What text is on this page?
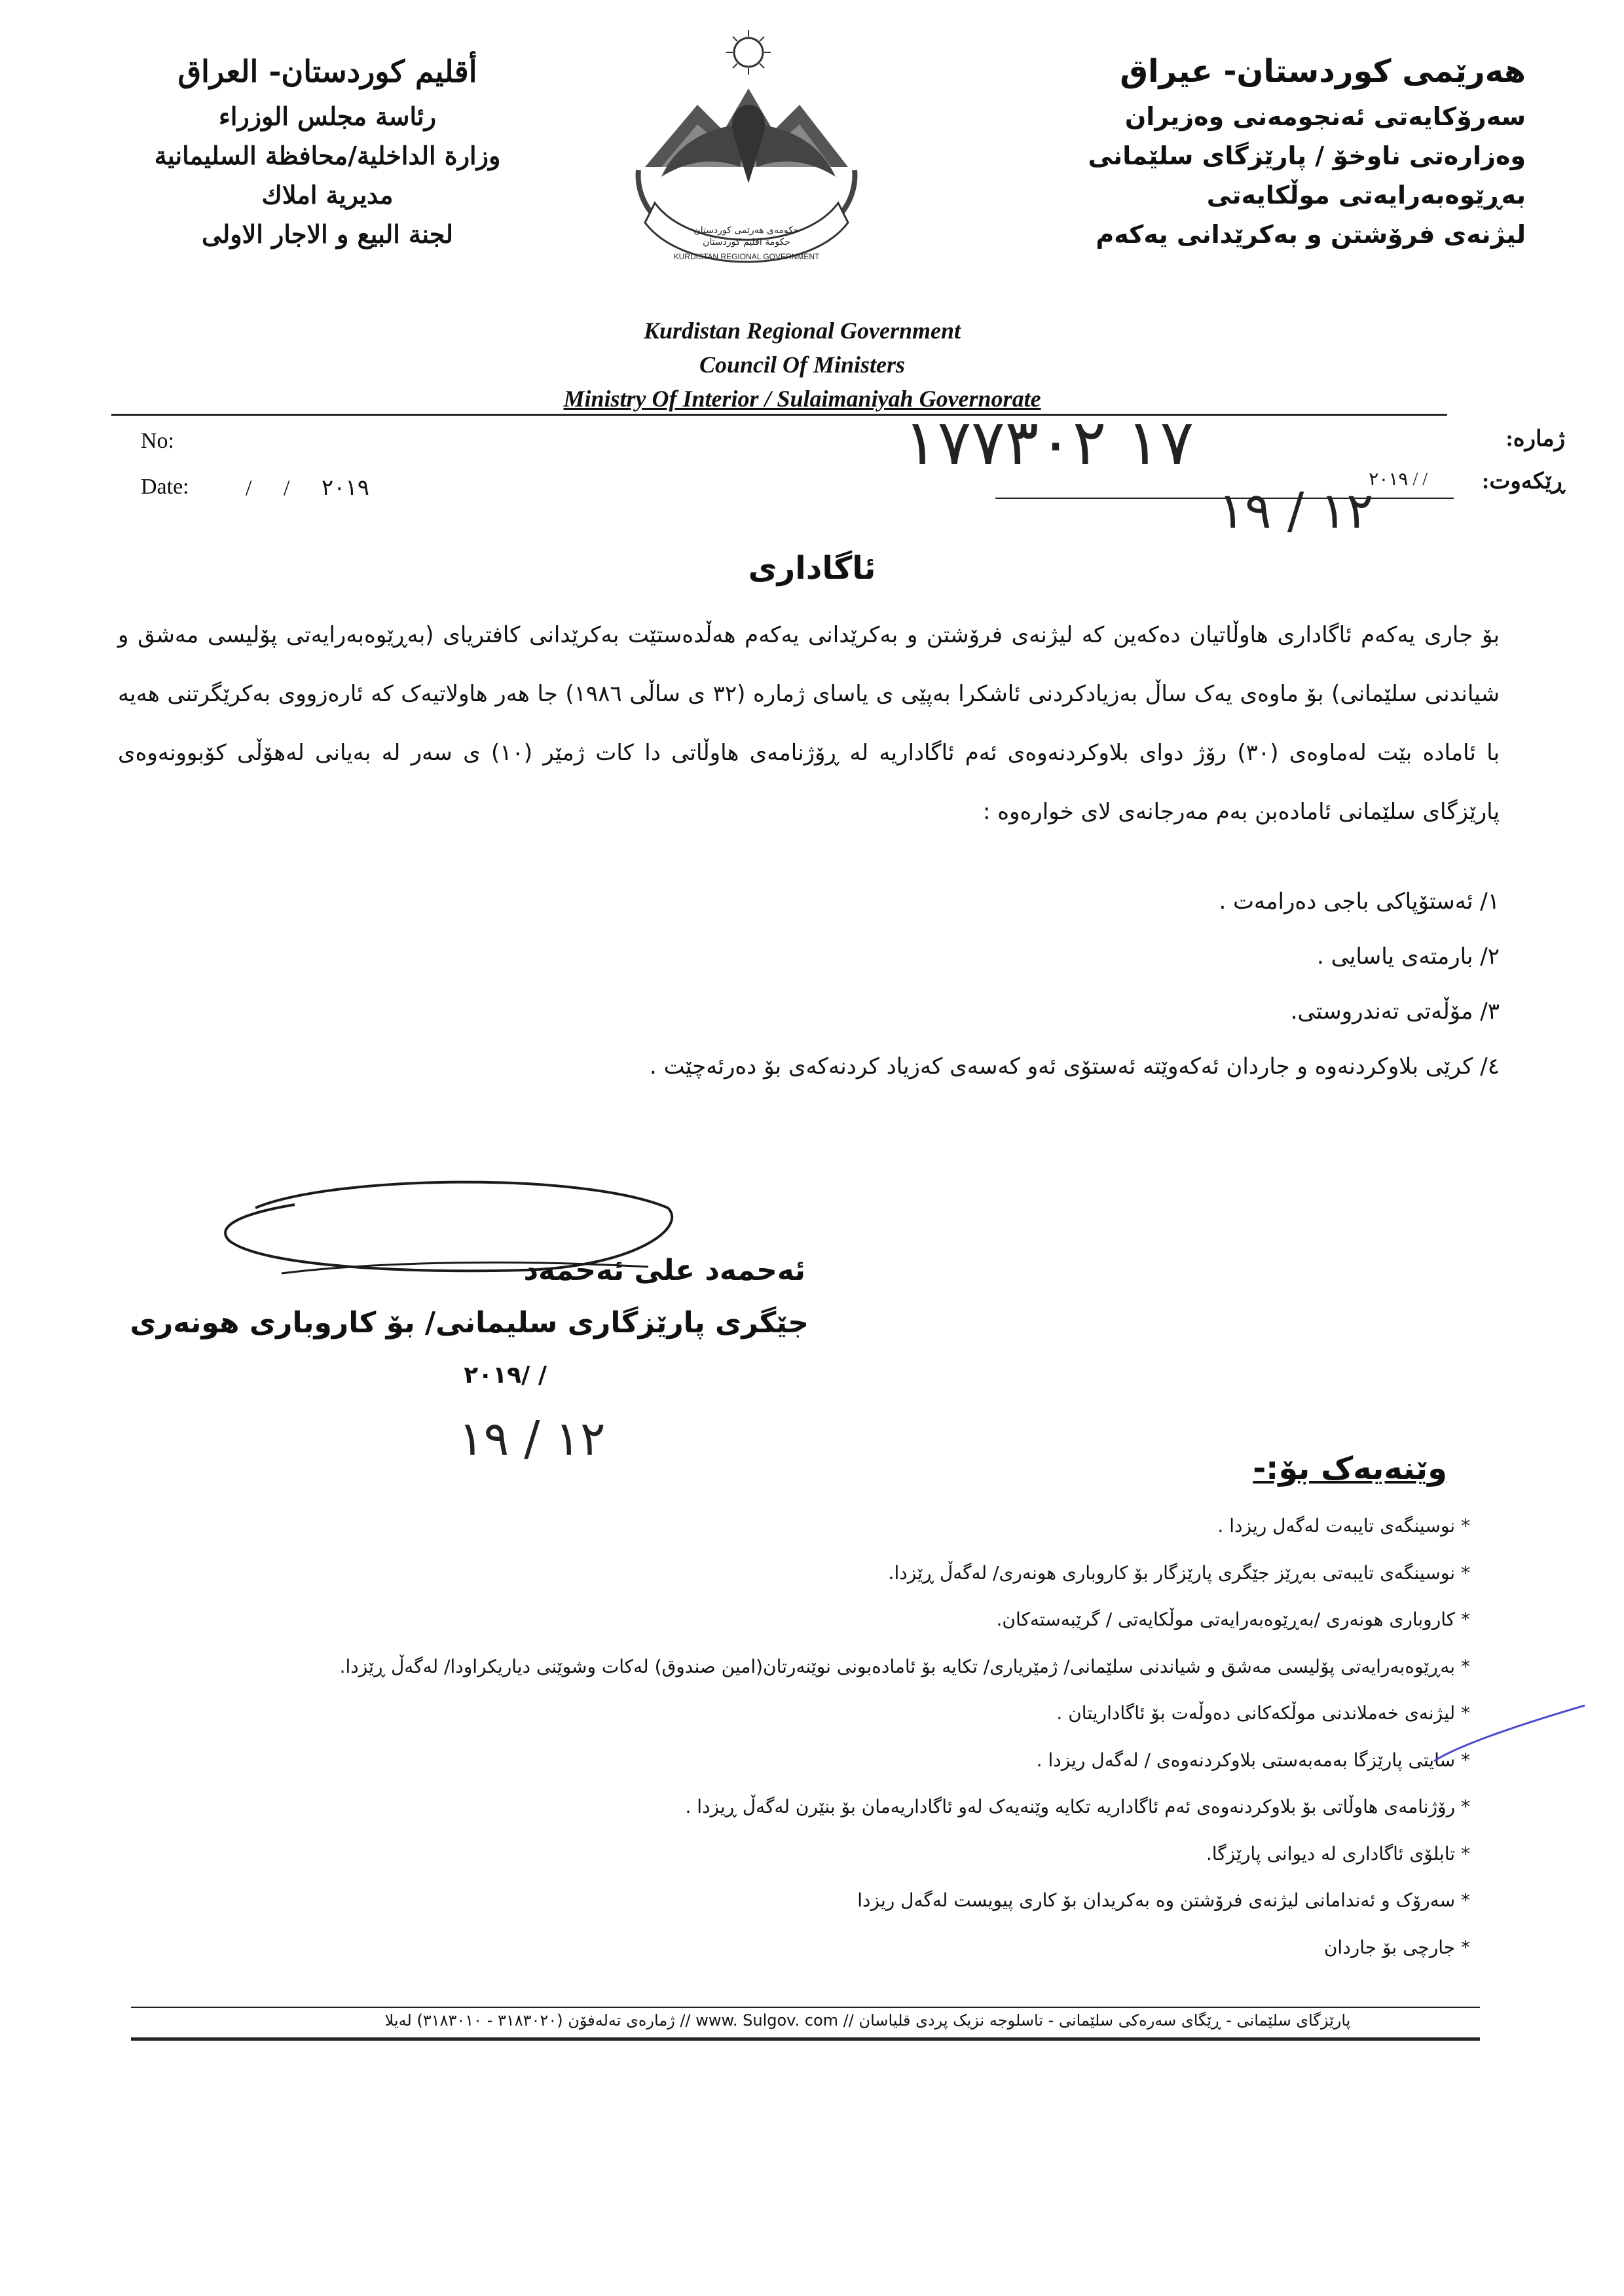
هەرێمی کوردستان- عیراق
سەرۆکایەتی ئەنجومەنی وەزیران
وەزارەتی ناوخۆ / پارێزگای سلێمانی
بەڕێوەبەرایەتی موڵکایەتی
لیژنەی فرۆشتن و بەکرێدانی یەکەم
أقليم كوردستان- العراق
رئاسة مجلس الوزراء
وزارة الداخلية/محافظة السليمانية
مديرية املاك
لجنة البيع و الاجار الاولى	حكومەی هەرێمی کوردستان
حكومة اقليم كوردستان
KURDISTAN REGIONAL GOVERNMENT
Kurdistan Regional Government
Council Of Ministers
Ministry Of Interior / Sulaimaniyah Governorate
No:
Date:	/ / ٢٠١٩
ژمارە:
ڕێکەوت:
٢٠١٩ / /
١٧ ١٧٧٣٠٢
١٢ / ١٩
ئاگاداری
بۆ جاری یەکەم ئاگاداری هاوڵاتیان دەکەین کە لیژنەی فرۆشتن و بەکرێدانی یەکەم هەڵدەستێت بەکرێدانی کافتریای (بەڕێوەبەرایەتی پۆلیسی مەشق و شیاندنی سلێمانی) بۆ ماوەی یەک ساڵ بەزیادکردنی ئاشکرا بەپێی ی یاسای ژمارە (٣٢ ی ساڵی ١٩٨٦) جا هەر هاولاتیەک کە ئارەزووی بەکرێگرتنی هەیە با ئامادە بێت لەماوەی (٣٠) رۆژ دوای بلاوکردنەوەی ئەم ئاگاداریە لە ڕۆژنامەی هاوڵاتی دا کات ژمێر (١٠) ی سەر لە بەیانی لەهۆڵی کۆبوونەوەی پارێزگای سلێمانی ئامادەبن بەم مەرجانەی لای خوارەوە :
١/ ئەستۆپاکی باجی دەرامەت .
٢/ بارمتەی یاسایی .
٣/ مۆڵەتی تەندروستی.
٤/ کرێی بلاوکردنەوە و جاردان ئەکەوێتە ئەستۆی ئەو کەسەی کەزیاد کردنەکەی بۆ دەرئەچێت .
ئەحمەد علی ئەحمەد
جێگری پارێزگاری سلیمانی/ بۆ کاروباری هونەری
٢٠١٩/ /
١٢ / ١٩
وێنەیەک بۆ:-
* نوسینگەی تایبەت لەگەل ریزدا .
* نوسینگەی تایبەتی بەڕێز جێگری پارێزگار بۆ کاروباری هونەری/ لەگەڵ ڕێزدا.
* کاروباری هونەری /بەڕێوەبەرایەتی موڵکایەتی / گرێبەستەکان.
* بەڕێوەبەرایەتی پۆلیسی مەشق و شیاندنی سلێمانی/ ژمێریاری/ تکایە بۆ ئامادەبونی نوێنەرتان(امین صندوق) لەکات وشوێنی دیاریکراودا/ لەگەڵ ڕێزدا.
* لیژنەی خەملاندنی موڵکەکانی دەوڵەت بۆ ئاگاداریتان .
* سایتی پارێزگا بەمەبەستی بلاوکردنەوەی / لەگەل ریزدا .
* رۆژنامەی هاوڵاتی بۆ بلاوکردنەوەی ئەم ئاگاداریە تکایە وێنەیەک لەو ئاگاداریەمان بۆ بنێرن لەگەڵ ڕیزدا .
* تابلۆی ئاگاداری لە دیوانی پارێزگا.
* سەرۆک و ئەندامانی لیژنەی فرۆشتن وە بەکریدان بۆ کاری پیویست لەگەل ریزدا
* جارچی بۆ جاردان
پارێزگای سلێمانی - ڕێگای سەرەکی سلێمانی - تاسلوجە نزیک پردی قلیاسان // www. Sulgov. com // ژمارەی تەلەفۆن (٣١٨٣٠٢٠ - ٣١٨٣٠١٠) لەیلا
